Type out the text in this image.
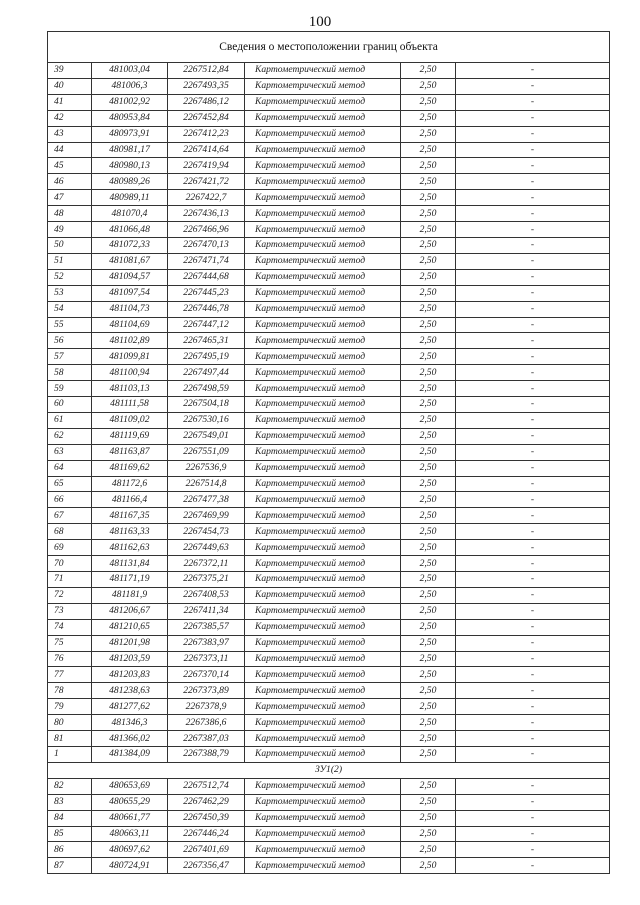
100
Сведения о местоположении границ объекта					
39	481003,04	2267512,84	Картометрический метод	2,50	-
40	481006,3	2267493,35	Картометрический метод	2,50	-
41	481002,92	2267486,12	Картометрический метод	2,50	-
42	480953,84	2267452,84	Картометрический метод	2,50	-
43	480973,91	2267412,23	Картометрический метод	2,50	-
44	480981,17	2267414,64	Картометрический метод	2,50	-
45	480980,13	2267419,94	Картометрический метод	2,50	-
46	480989,26	2267421,72	Картометрический метод	2,50	-
47	480989,11	2267422,7	Картометрический метод	2,50	-
48	481070,4	2267436,13	Картометрический метод	2,50	-
49	481066,48	2267466,96	Картометрический метод	2,50	-
50	481072,33	2267470,13	Картометрический метод	2,50	-
51	481081,67	2267471,74	Картометрический метод	2,50	-
52	481094,57	2267444,68	Картометрический метод	2,50	-
53	481097,54	2267445,23	Картометрический метод	2,50	-
54	481104,73	2267446,78	Картометрический метод	2,50	-
55	481104,69	2267447,12	Картометрический метод	2,50	-
56	481102,89	2267465,31	Картометрический метод	2,50	-
57	481099,81	2267495,19	Картометрический метод	2,50	-
58	481100,94	2267497,44	Картометрический метод	2,50	-
59	481103,13	2267498,59	Картометрический метод	2,50	-
60	481111,58	2267504,18	Картометрический метод	2,50	-
61	481109,02	2267530,16	Картометрический метод	2,50	-
62	481119,69	2267549,01	Картометрический метод	2,50	-
63	481163,87	2267551,09	Картометрический метод	2,50	-
64	481169,62	2267536,9	Картометрический метод	2,50	-
65	481172,6	2267514,8	Картометрический метод	2,50	-
66	481166,4	2267477,38	Картометрический метод	2,50	-
67	481167,35	2267469,99	Картометрический метод	2,50	-
68	481163,33	2267454,73	Картометрический метод	2,50	-
69	481162,63	2267449,63	Картометрический метод	2,50	-
70	481131,84	2267372,11	Картометрический метод	2,50	-
71	481171,19	2267375,21	Картометрический метод	2,50	-
72	481181,9	2267408,53	Картометрический метод	2,50	-
73	481206,67	2267411,34	Картометрический метод	2,50	-
74	481210,65	2267385,57	Картометрический метод	2,50	-
75	481201,98	2267383,97	Картометрический метод	2,50	-
76	481203,59	2267373,11	Картометрический метод	2,50	-
77	481203,83	2267370,14	Картометрический метод	2,50	-
78	481238,63	2267373,89	Картометрический метод	2,50	-
79	481277,62	2267378,9	Картометрический метод	2,50	-
80	481346,3	2267386,6	Картометрический метод	2,50	-
81	481366,02	2267387,03	Картометрический метод	2,50	-
1	481384,09	2267388,79	Картометрический метод	2,50	-
ЗУ1(2)					
82	480653,69	2267512,74	Картометрический метод	2,50	-
83	480655,29	2267462,29	Картометрический метод	2,50	-
84	480661,77	2267450,39	Картометрический метод	2,50	-
85	480663,11	2267446,24	Картометрический метод	2,50	-
86	480697,62	2267401,69	Картометрический метод	2,50	-
87	480724,91	2267356,47	Картометрический метод	2,50	-
